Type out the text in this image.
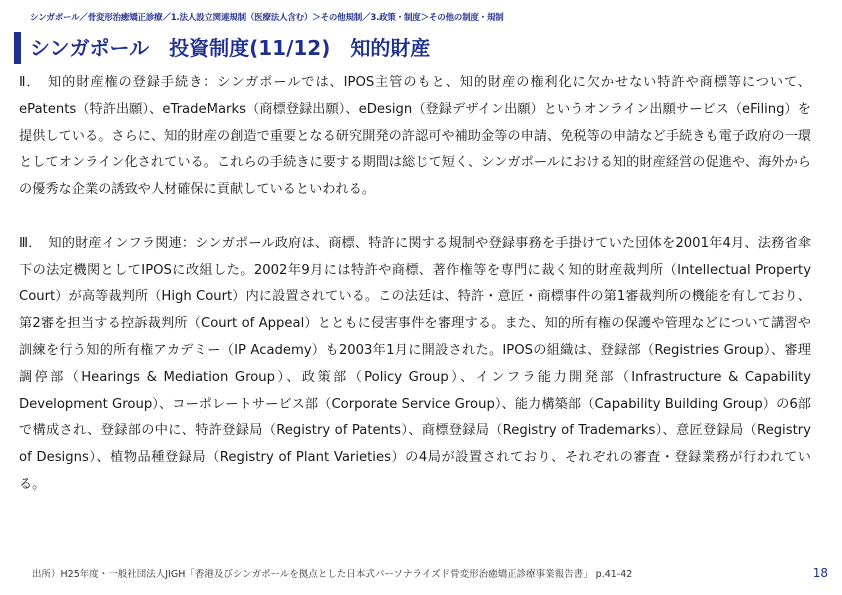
シンガポール／骨変形治癒矯正診療／1.法人設立関連規制（医療法人含む）＞その他規制／3.政策・制度＞その他の制度・規制
シンガポール　投資制度(11/12)　知的財産

Ⅱ．　知的財産権の登録手続き：シンガポールでは、IPOS主管のもと、知的財産の権利化に欠かせない特許や商標等について、ePatents（特許出願）、eTradeMarks（商標登録出願）、eDesign（登録デザイン出願）というオンライン出願サービス（eFiling）を提供している。さらに、知的財産の創造で重要となる研究開発の許認可や補助金等の申請、免税等の申請など手続きも電子政府の一環としてオンライン化されている。これらの手続きに要する期間は総じて短く、シンガポールにおける知的財産経営の促進や、海外からの優秀な企業の誘致や人材確保に貢献しているといわれる。

Ⅲ．　知的財産インフラ関連：シンガポール政府は、商標、特許に関する規制や登録事務を手掛けていた団体を2001年4月、法務省傘下の法定機関としてIPOSに改組した。2002年9月には特許や商標、著作権等を専門に裁く知的財産裁判所（Intellectual Property Court）が高等裁判所（High Court）内に設置されている。この法廷は、特許・意匠・商標事件の第1審裁判所の機能を有しており、第2審を担当する控訴裁判所（Court of Appeal）とともに侵害事件を審理する。また、知的所有権の保護や管理などについて講習や訓練を行う知的所有権アカデミー（IP Academy）も2003年1月に開設された。IPOSの組織は、登録部（Registries Group）、審理調停部（Hearings & Mediation Group）、政策部（Policy Group）、インフラ能力開発部（Infrastructure & Capability Development Group）、コーポレートサービス部（Corporate Service Group）、能力構築部（Capability Building Group）の6部で構成され、登録部の中に、特許登録局（Registry of Patents）、商標登録局（Registry of Trademarks）、意匠登録局（Registry of Designs）、植物品種登録局（Registry of Plant Varieties）の4局が設置されており、それぞれの審査・登録業務が行われている。

出所）H25年度・一般社団法人JIGH「香港及びシンガポールを拠点とした日本式パーソナライズド骨変形治癒矯正診療事業報告書」 p.41-42	18
